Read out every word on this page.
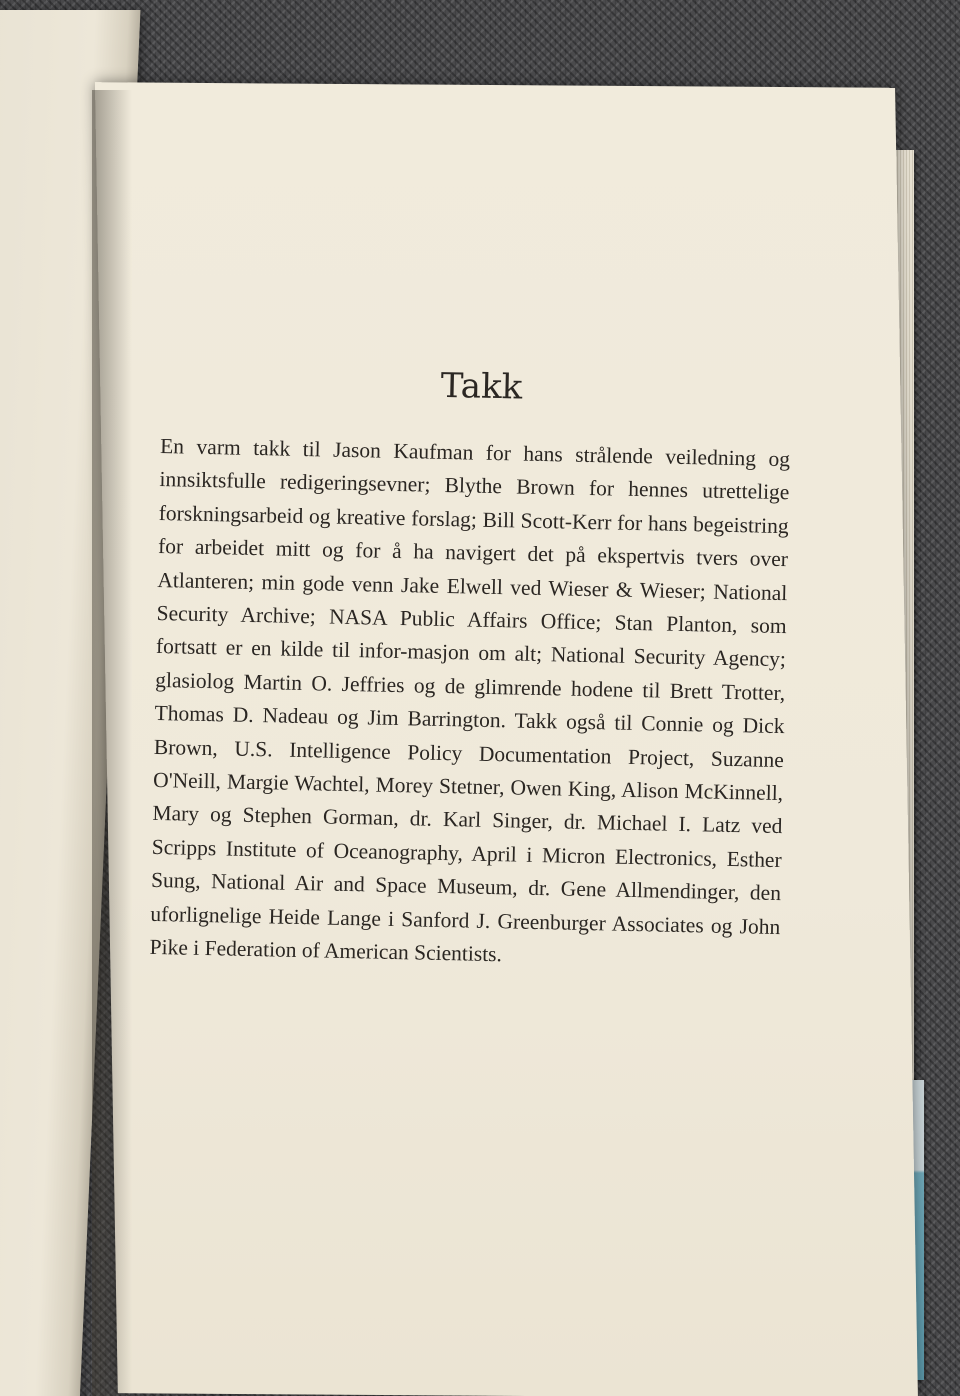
Takk

En varm takk til Jason Kaufman for hans strålende veiledning og innsiktsfulle redigeringsevner; Blythe Brown for hennes utrettelige forskningsarbeid og kreative forslag; Bill Scott-Kerr for hans begeistring for arbeidet mitt og for å ha navigert det på ekspertvis tvers over Atlanteren; min gode venn Jake Elwell ved Wieser & Wieser; National Security Archive; NASA Public Affairs Office; Stan Planton, som fortsatt er en kilde til infor-masjon om alt; National Security Agency; glasiolog Martin O. Jeffries og de glimrende hodene til Brett Trotter, Thomas D. Nadeau og Jim Barrington. Takk også til Connie og Dick Brown, U.S. Intelligence Policy Documentation Project, Suzanne O'Neill, Margie Wachtel, Morey Stetner, Owen King, Alison McKinnell, Mary og Stephen Gorman, dr. Karl Singer, dr. Michael I. Latz ved Scripps Institute of Oceanography, April i Micron Electronics, Esther Sung, National Air and Space Museum, dr. Gene Allmendinger, den uforlignelige Heide Lange i Sanford J. Greenburger Associates og John Pike i Federation of American Scientists.
